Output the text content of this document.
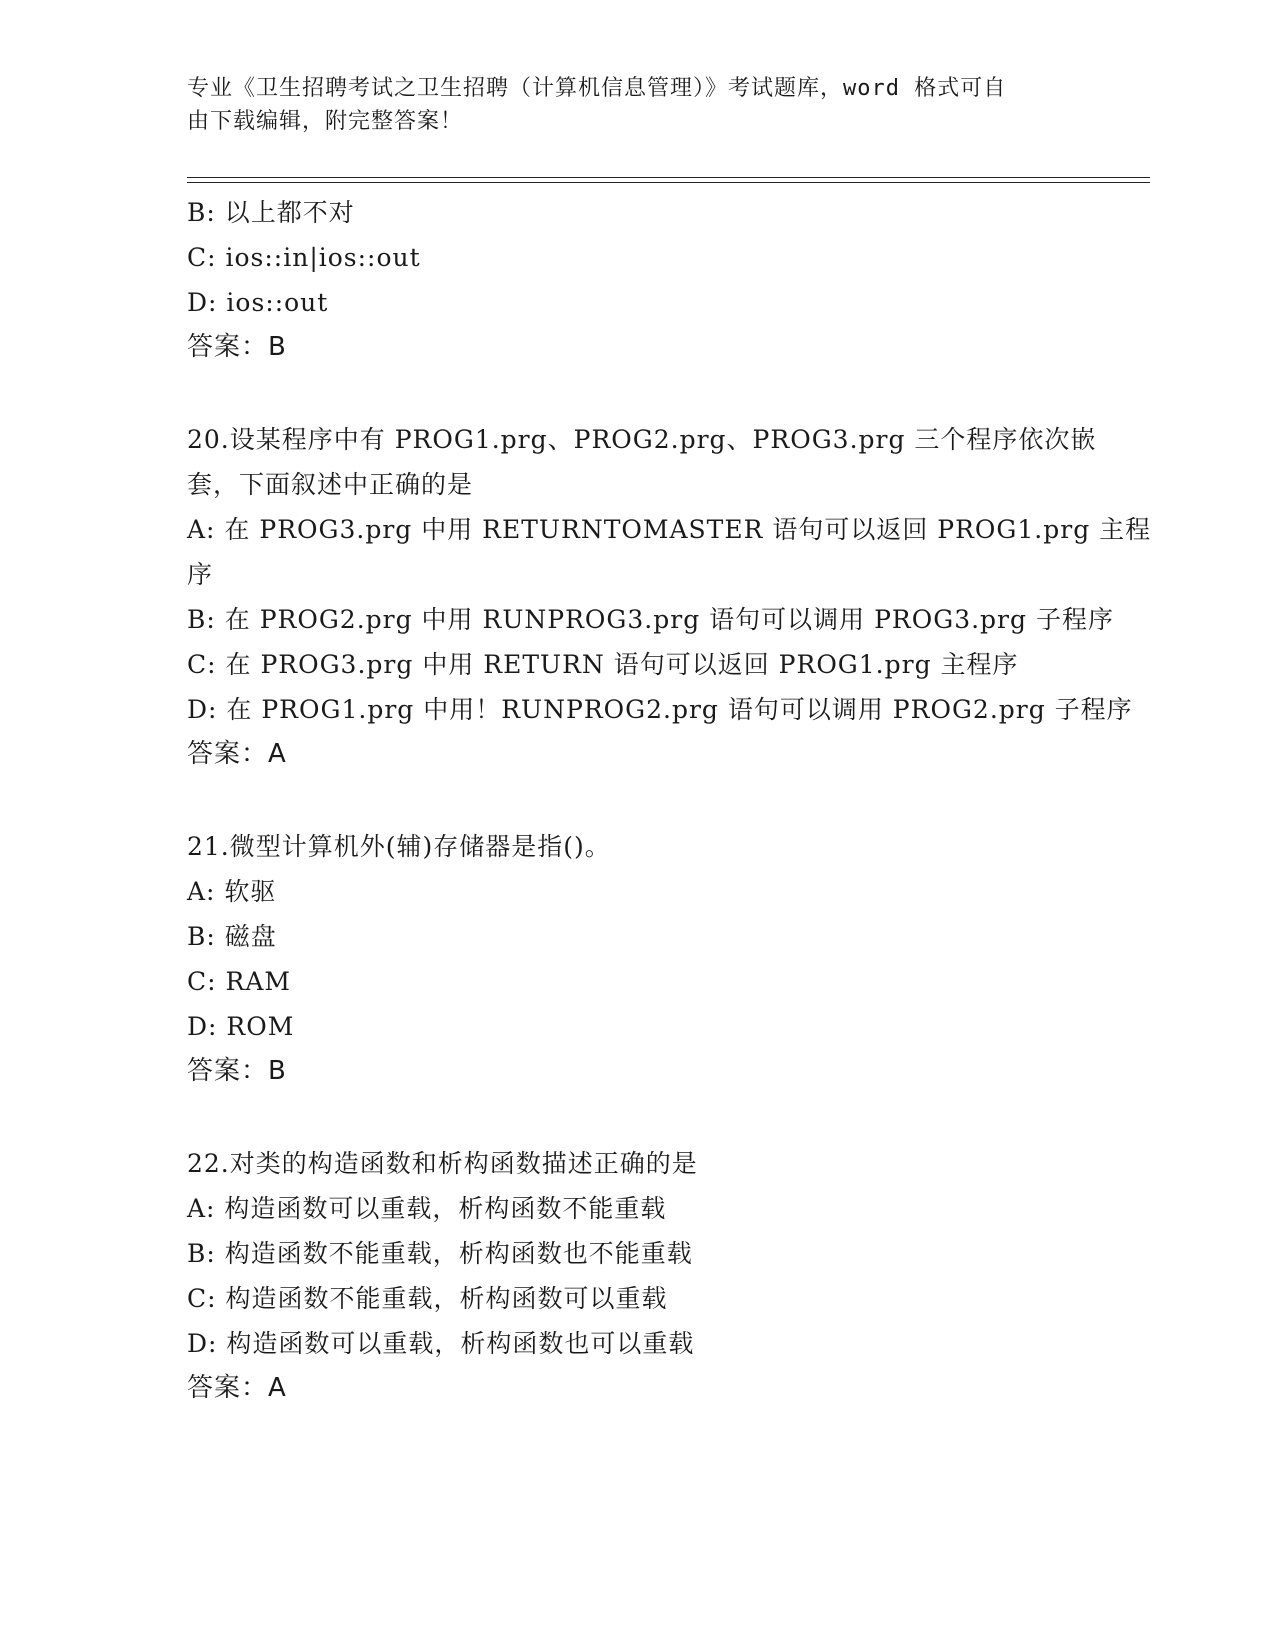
专业《卫生招聘考试之卫生招聘（计算机信息管理）》考试题库，word 格式可自
由下载编辑，附完整答案！
B: 以上都不对
C: ios::in|ios::out
D: ios::out
答案：B
20.设某程序中有 PROG1.prg、PROG2.prg、PROG3.prg 三个程序依次嵌
套，下面叙述中正确的是
A: 在 PROG3.prg 中用 RETURNTOMASTER 语句可以返回 PROG1.prg 主程
序
B: 在 PROG2.prg 中用 RUNPROG3.prg 语句可以调用 PROG3.prg 子程序
C: 在 PROG3.prg 中用 RETURN 语句可以返回 PROG1.prg 主程序
D: 在 PROG1.prg 中用！RUNPROG2.prg 语句可以调用 PROG2.prg 子程序
答案：A
21.微型计算机外(辅)存储器是指()。
A: 软驱
B: 磁盘
C: RAM
D: ROM
答案：B
22.对类的构造函数和析构函数描述正确的是
A: 构造函数可以重载，析构函数不能重载
B: 构造函数不能重载，析构函数也不能重载
C: 构造函数不能重载，析构函数可以重载
D: 构造函数可以重载，析构函数也可以重载
答案：A
